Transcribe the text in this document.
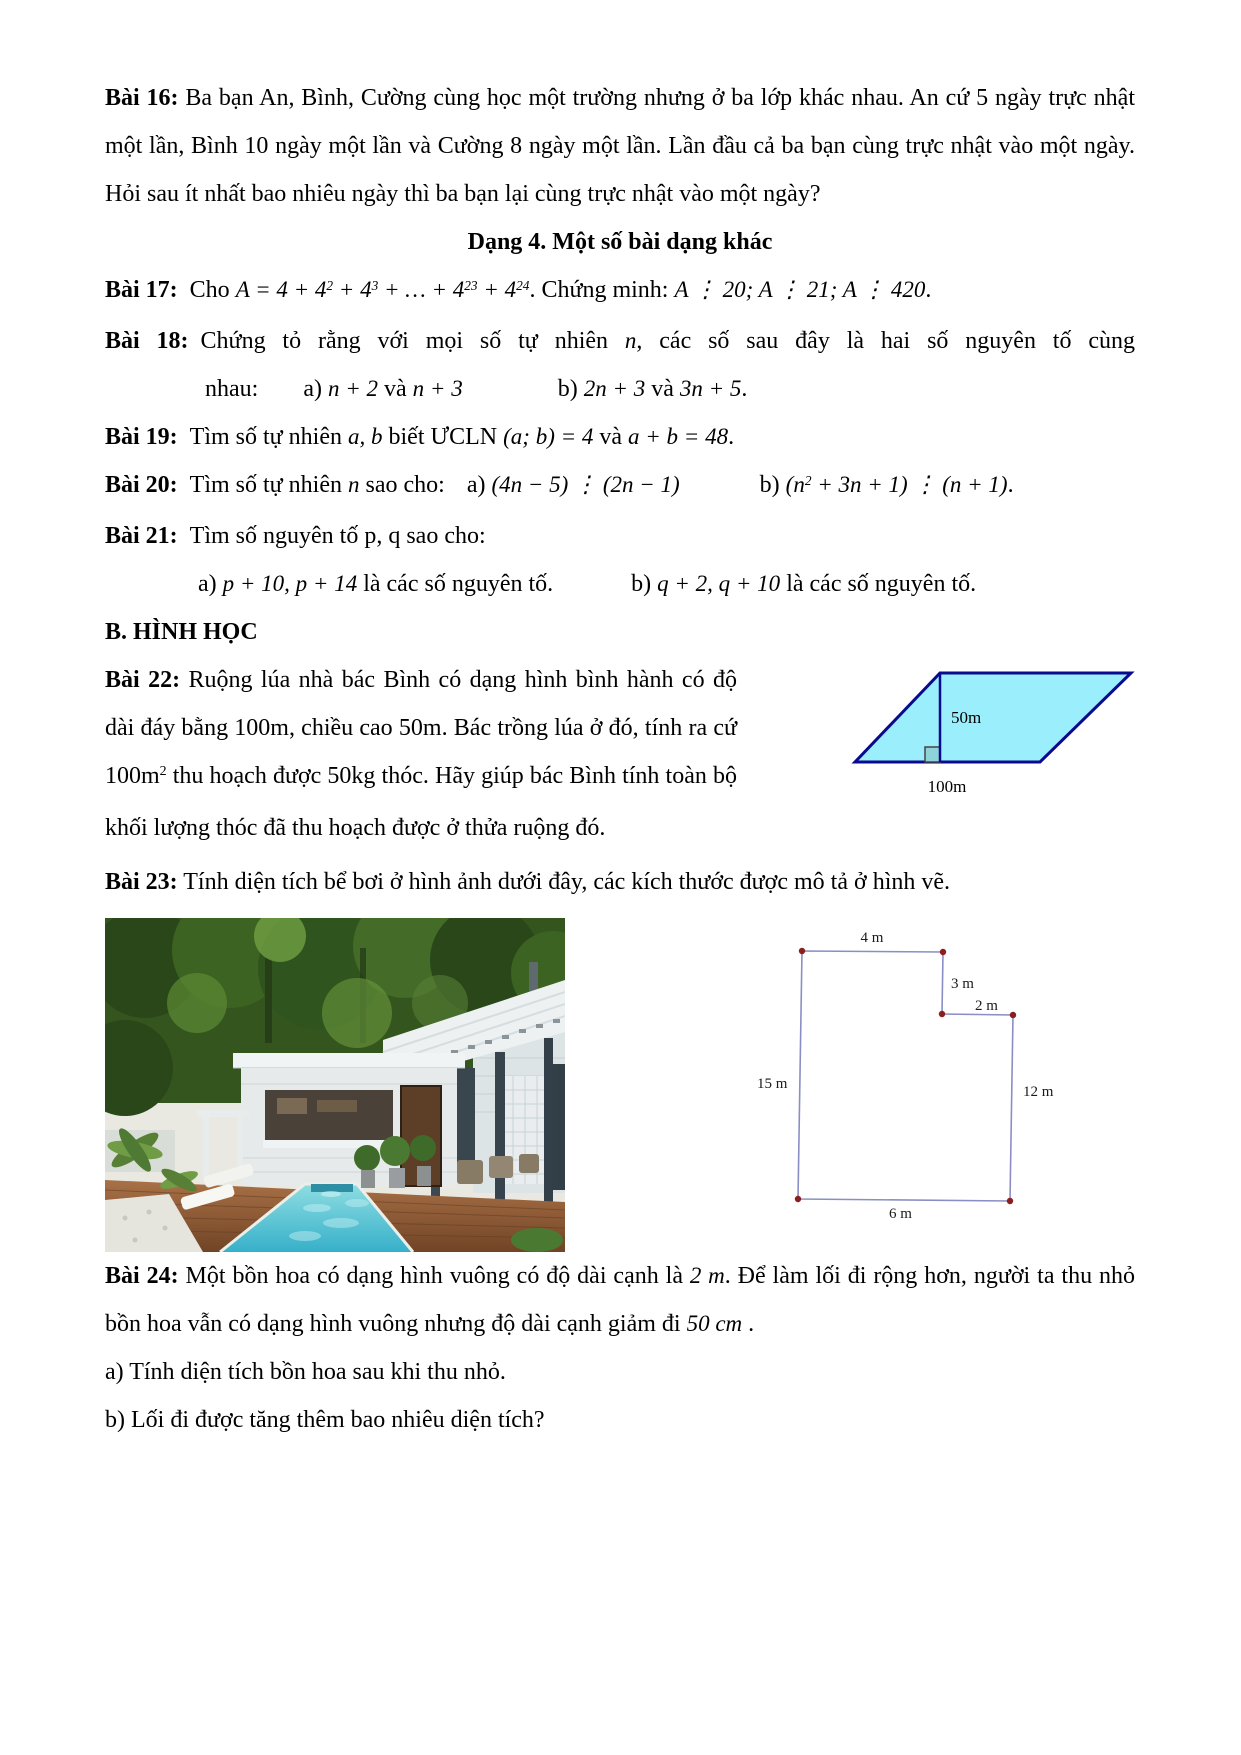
Bài 16: Ba bạn An, Bình, Cường cùng học một trường nhưng ở ba lớp khác nhau. An cứ 5 ngày trực nhật một lần, Bình 10 ngày một lần và Cường 8 ngày một lần. Lần đầu cả ba bạn cùng trực nhật vào một ngày. Hỏi sau ít nhất bao nhiêu ngày thì ba bạn lại cùng trực nhật vào một ngày?

Dạng 4. Một số bài dạng khác

Bài 17: Cho $A = 4 + 4^2 + 4^3$ + … + $4^{23} + 4^{24}$. Chứng minh: A ⋮ 20; A ⋮ 21; A ⋮ 420.

Bài 18: Chứng tỏ rằng với mọi số tự nhiên n, các số sau đây là hai số nguyên tố cùng

nhau: a) n + 2 và n + 3	b) 2n + 3 và 3n + 5.

Bài 19: Tìm số tự nhiên a, b biết ƯCLN (a; b) = 4 và a + b = 48.

Bài 20: Tìm số tự nhiên n sao cho: a) (4n − 5) ⋮ (2n − 1)	b) $(n^2 + 3n + 1)$ ⋮ (n + 1).

Bài 21: Tìm số nguyên tố p, q sao cho:

a) p + 10, p + 14 là các số nguyên tố.	b) q + 2, q + 10 là các số nguyên tố.

B. HÌNH HỌC

50m
100m
Bài 22: Ruộng lúa nhà bác Bình có dạng hình bình hành có độ dài đáy bằng 100m, chiều cao 50m. Bác trồng lúa ở đó, tính ra cứ $100m^2$ thu hoạch được 50kg thóc. Hãy giúp bác Bình tính toàn bộ khối lượng thóc đã thu hoạch được ở thửa ruộng đó.

Bài 23: Tính diện tích bể bơi ở hình ảnh dưới đây, các kích thước được mô tả ở hình vẽ.

4 m
3 m
2 m
15 m	12 m
6 m

Bài 24: Một bồn hoa có dạng hình vuông có độ dài cạnh là 2 m. Để làm lối đi rộng hơn, người ta thu nhỏ bồn hoa vẫn có dạng hình vuông nhưng độ dài cạnh giảm đi 50 cm .

a) Tính diện tích bồn hoa sau khi thu nhỏ.

b) Lối đi được tăng thêm bao nhiêu diện tích?
